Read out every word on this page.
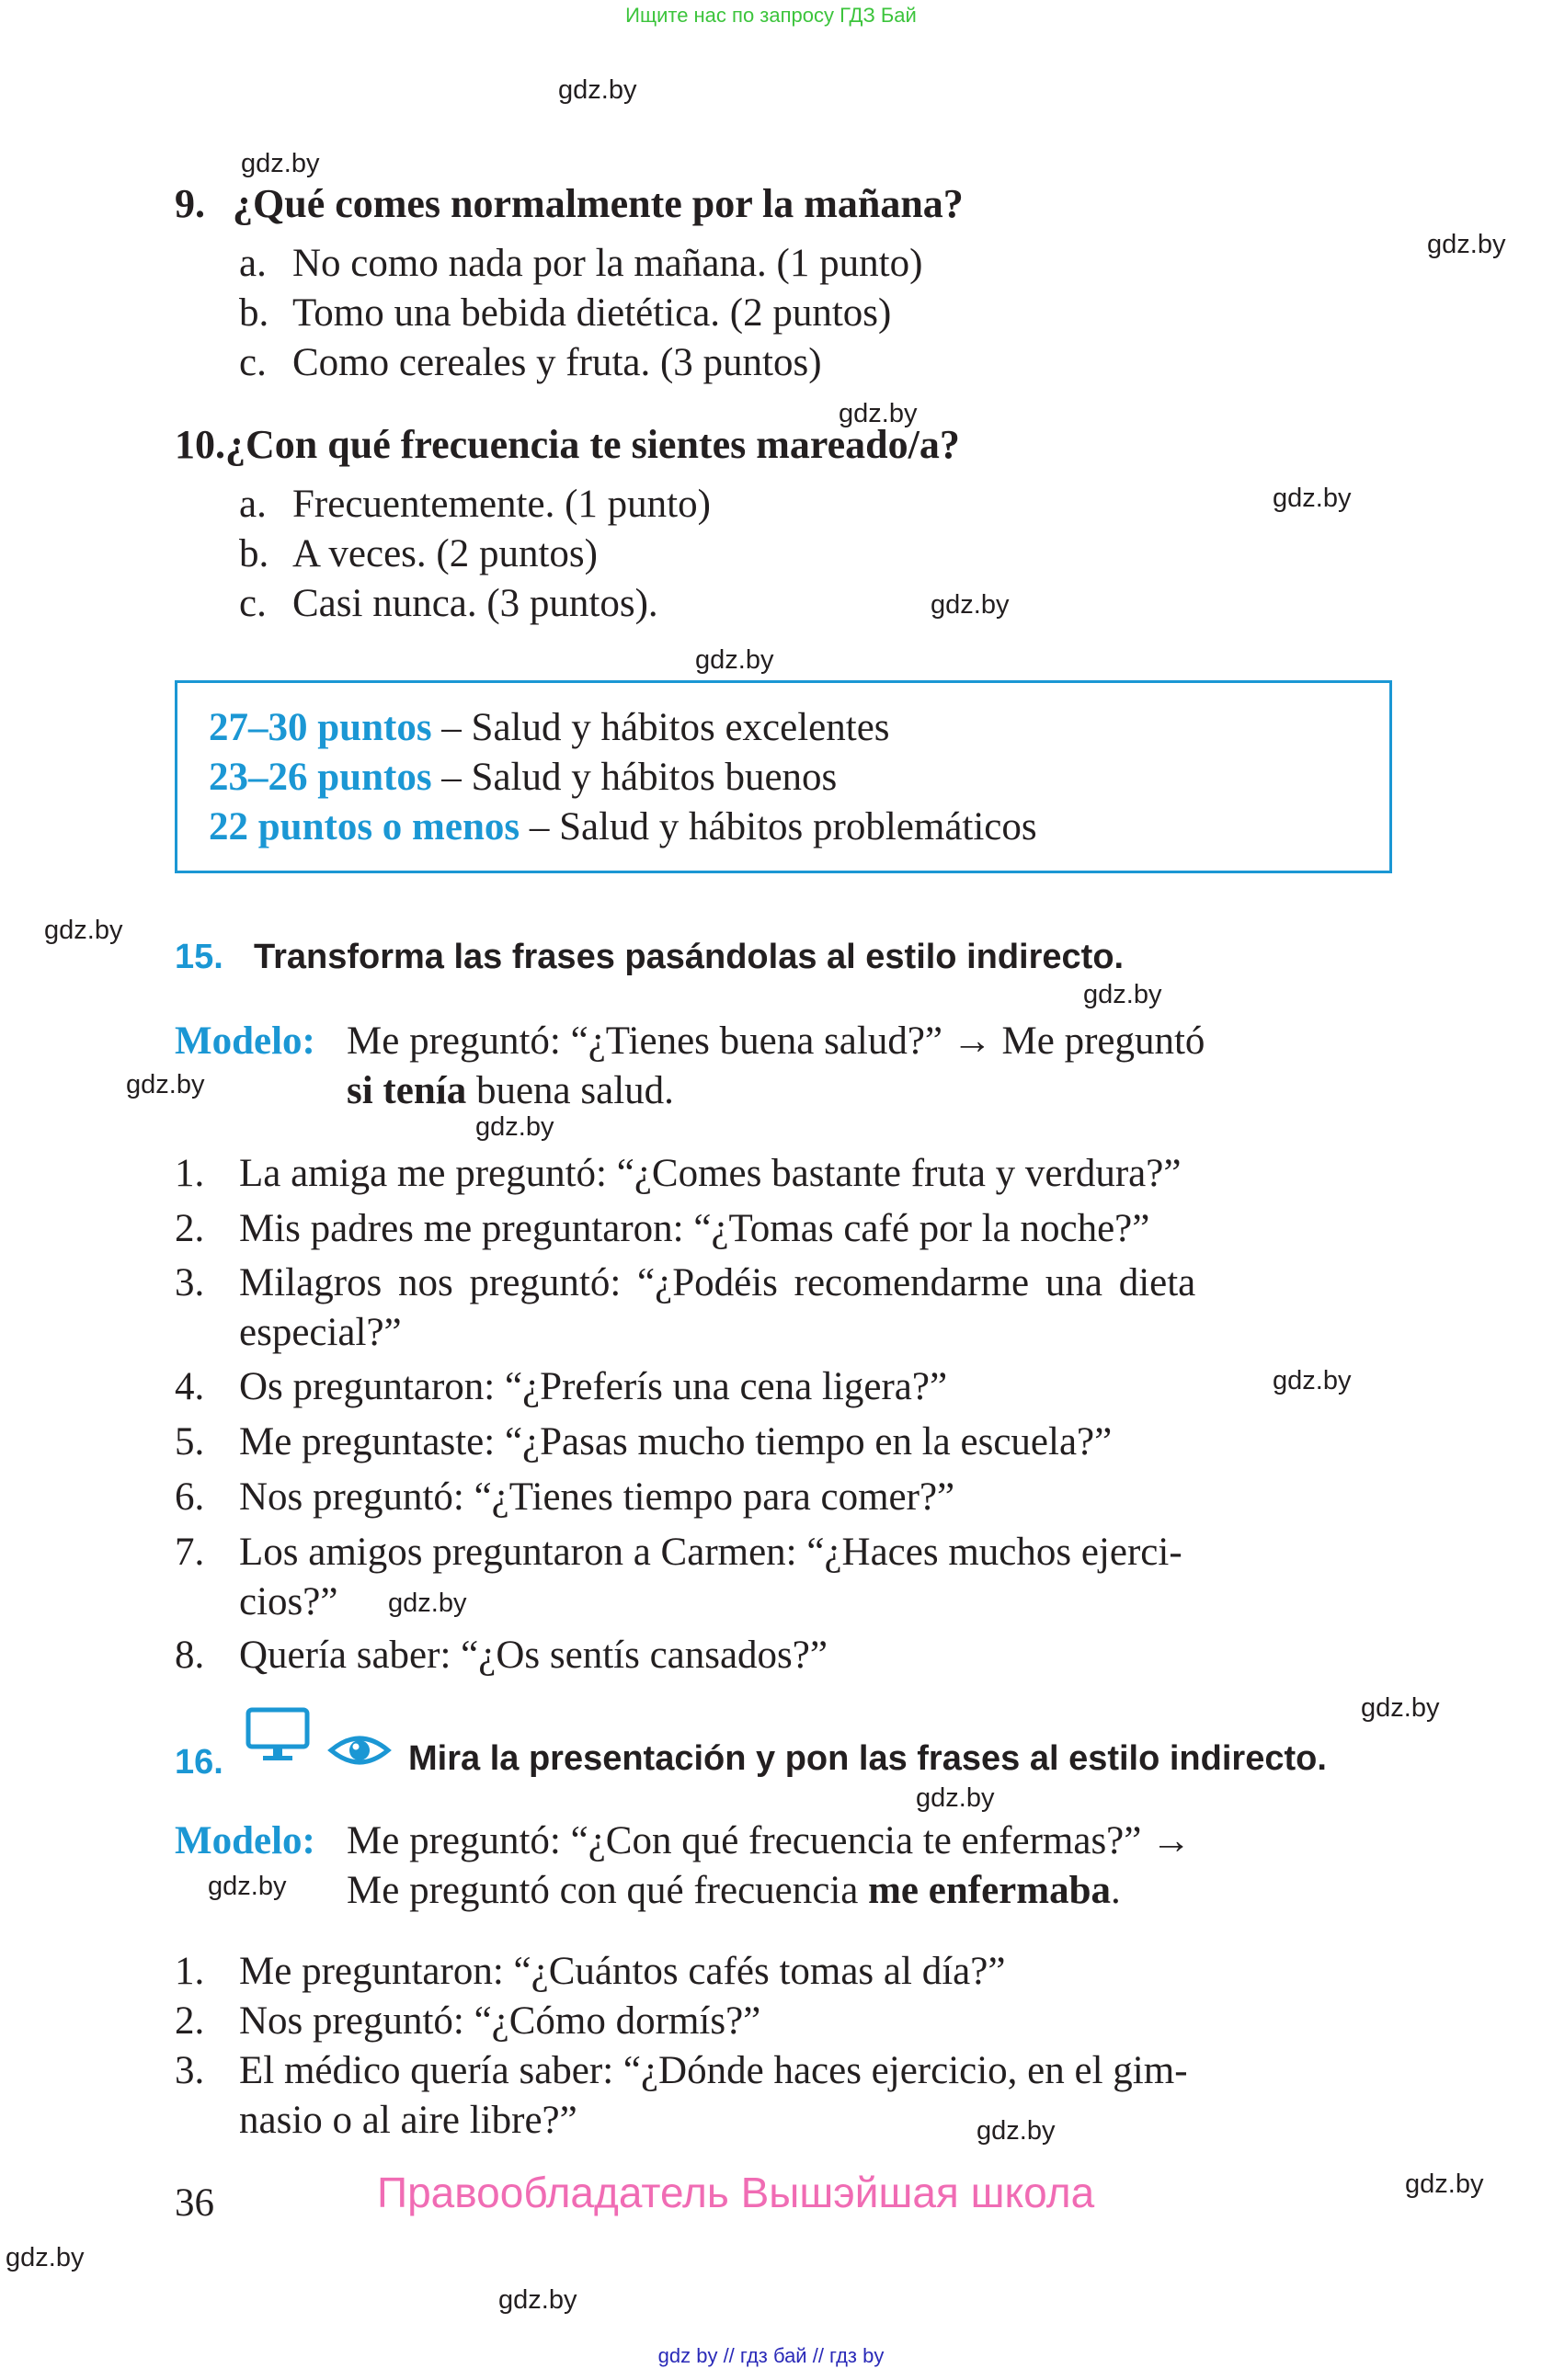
Ищите нас по запросу ГДЗ Бай
gdz.by
gdz.by
gdz.by
gdz.by
gdz.by
gdz.by
gdz.by
gdz.by
gdz.by
gdz.by
gdz.by
gdz.by
gdz.by
gdz.by
gdz.by
gdz.by
gdz.by
gdz.by
gdz.by
gdz.by
9. ¿Qué comes normalmente por la mañana?
a. No como nada por la mañana. (1 punto)
b. Tomo una bebida dietética. (2 puntos)
c. Como cereales y fruta. (3 puntos)
10.¿Con qué frecuencia te sientes mareado/a?
a. Frecuentemente. (1 punto)
b. A veces. (2 puntos)
c. Casi nunca. (3 puntos).
27–30 puntos – Salud y hábitos excelentes
23–26 puntos – Salud y hábitos buenos
22 puntos o menos – Salud y hábitos problemáticos
15. Transforma las frases pasándolas al estilo indirecto.
Modelo: Me preguntó: “¿Tienes buena salud?” → Me preguntó
si tenía buena salud.
1. La amiga me preguntó: “¿Comes bastante fruta y verdura?”
2. Mis padres me preguntaron: “¿Tomas café por la noche?”
3. Milagros nos preguntó: “¿Podéis recomendarme una dieta
especial?”
4. Os preguntaron: “¿Preferís una cena ligera?”
5. Me preguntaste: “¿Pasas mucho tiempo en la escuela?”
6. Nos preguntó: “¿Tienes tiempo para comer?”
7. Los amigos preguntaron a Carmen: “¿Haces muchos ejerci-
cios?”
8. Quería saber: “¿Os sentís cansados?”
16.	Mira la presentación y pon las frases al estilo indirecto.
Modelo: Me preguntó: “¿Con qué frecuencia te enfermas?” →
Me preguntó con qué frecuencia me enfermaba.
1. Me preguntaron: “¿Cuántos cafés tomas al día?”
2. Nos preguntó: “¿Cómo dormís?”
3. El médico quería saber: “¿Dónde haces ejercicio, en el gim-
nasio o al aire libre?”
36	Правообладатель Вышэйшая школа
gdz by // гдз бай // гдз by
